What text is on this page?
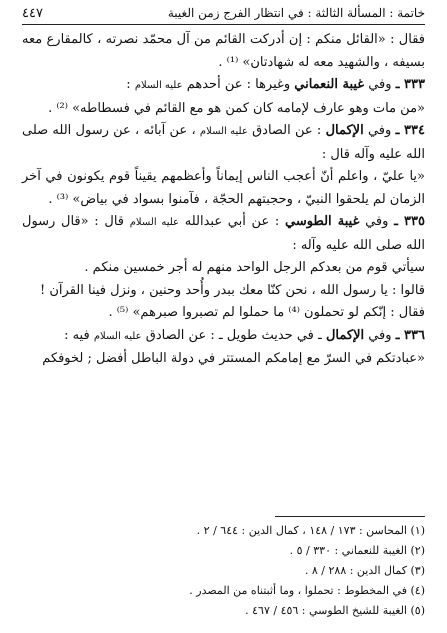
خاتمة : المسألة الثالثة : في انتظار الفرج زمن الغيبة
٤٤٧

فقال : «القائل منكم : إن أدركت القائم من آل محمّد نصرته ، كالمقارع معه بسيفه ، والشهيد معه له شهادتان» ⁽¹⁾ .

٣٣٣ ـ وفي غيبة النعماني وغيرها : عن أحدهم عليه السلام :

«من مات وهو عارف لإمامه كان كمن هو مع القائم في فسطاطه» ⁽²⁾ .

٣٣٤ ـ وفي الإكمال : عن الصادق عليه السلام ، عن آبائه ، عن رسول الله صلى الله عليه وآله قال :

«يا عليّ ، واعلم أنّ أعجب الناس إيماناً وأعظمهم يقيناً قوم يكونون في آخر الزمان لم يلحقوا النبيّ ، وحجبتهم الحجّة ، فآمنوا بسواد في بياض» ⁽³⁾ .

٣٣٥ ـ وفي غيبة الطوسي : عن أبي عبدالله عليه السلام قال : «قال رسول الله صلى الله عليه وآله :

سيأتي قوم من بعدكم الرجل الواحد منهم له أجر خمسين منكم .

قالوا : يا رسول الله ، نحن كنّا معك ببدر وأُحد وحنين ، ونزل فينا القرآن !

فقال : إنّكم لو تحملون ⁽⁴⁾ ما حملوا لم تصبروا صبرهم» ⁽⁵⁾ .

٣٣٦ ـ وفي الإكمال ـ في حديث طويل ـ : عن الصادق عليه السلام فيه :

«عبادتكم في السرّ مع إمامكم المستتر في دولة الباطل أفضل ; لخوفكم

(١) المحاسن : ١٧٣ / ١٤٨ ، كمال الدين : ٦٤٤ / ٢ .

(٢) الغيبة للنعماني : ٣٣٠ / ٥ .

(٣) كمال الدين : ٢٨٨ / ٨ .

(٤) في المخطوط : تحملوا ، وما أثبتناه من المصدر .

(٥) الغيبة للشيخ الطوسي : ٤٥٦ / ٤٦٧ .
